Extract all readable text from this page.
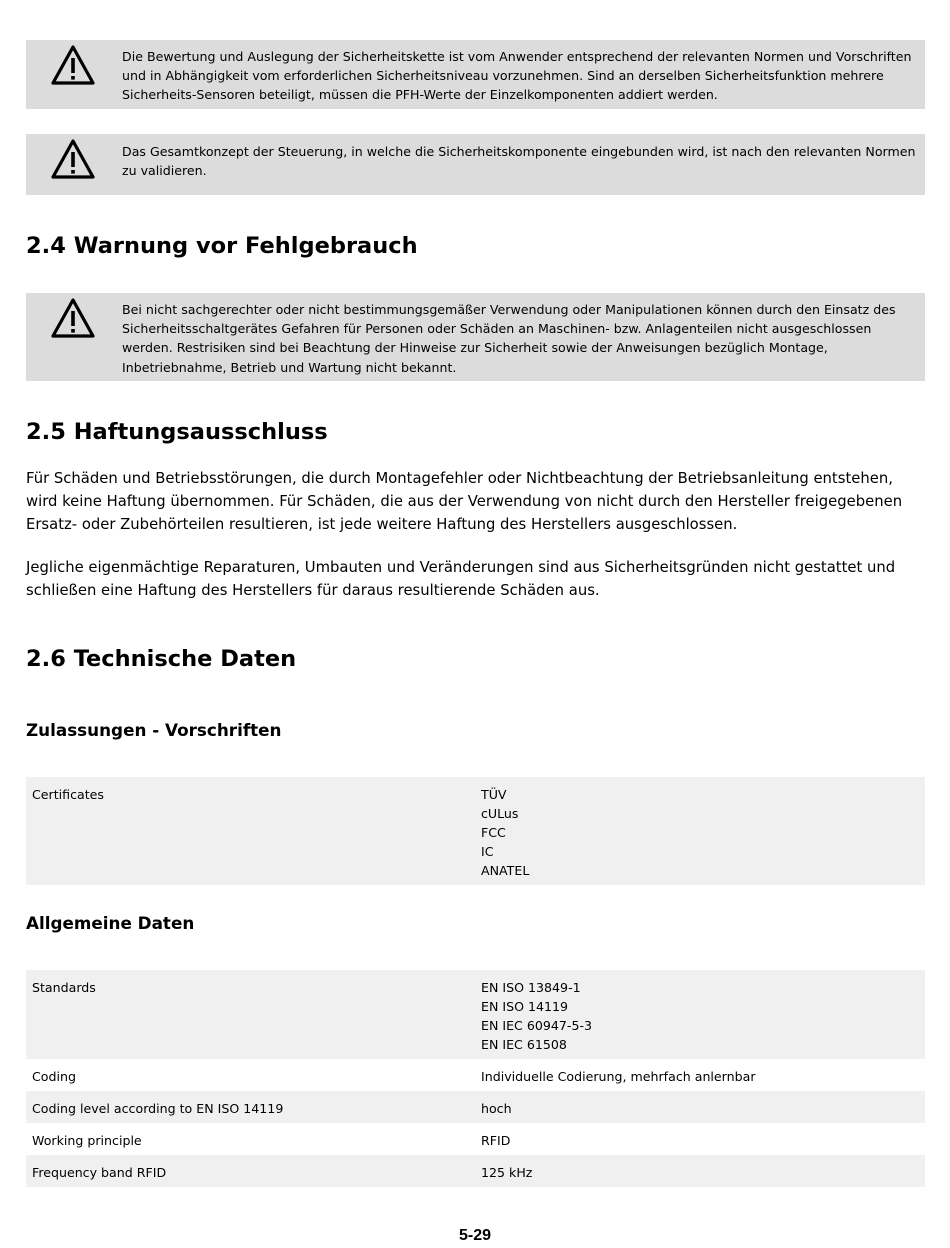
Die Bewertung und Auslegung der Sicherheitskette ist vom Anwender entsprechend der relevanten Normen und Vorschriften und in Abhängigkeit vom erforderlichen Sicherheitsniveau vorzunehmen. Sind an derselben Sicherheitsfunktion mehrere Sicherheits-Sensoren beteiligt, müssen die PFH-Werte der Einzelkomponenten addiert werden.
Das Gesamtkonzept der Steuerung, in welche die Sicherheitskomponente eingebunden wird, ist nach den relevanten Normen zu validieren.
2.4 Warnung vor Fehlgebrauch
Bei nicht sachgerechter oder nicht bestimmungsgemäßer Verwendung oder Manipulationen können durch den Einsatz des Sicherheitsschaltgerätes Gefahren für Personen oder Schäden an Maschinen- bzw. Anlagenteilen nicht ausgeschlossen werden. Restrisiken sind bei Beachtung der Hinweise zur Sicherheit sowie der Anweisungen bezüglich Montage, Inbetriebnahme, Betrieb und Wartung nicht bekannt.
2.5 Haftungsausschluss

Für Schäden und Betriebsstörungen, die durch Montagefehler oder Nichtbeachtung der Betriebsanleitung entstehen, wird keine Haftung übernommen. Für Schäden, die aus der Verwendung von nicht durch den Hersteller freigegebenen Ersatz- oder Zubehörteilen resultieren, ist jede weitere Haftung des Herstellers ausgeschlossen.

Jegliche eigenmächtige Reparaturen, Umbauten und Veränderungen sind aus Sicherheitsgründen nicht gestattet und schließen eine Haftung des Herstellers für daraus resultierende Schäden aus.

2.6 Technische Daten
Zulassungen - Vorschriften
Certificates	TÜV
cULus
FCC
IC
ANATEL
Allgemeine Daten
Standards	EN ISO 13849-1
EN ISO 14119
EN IEC 60947-5-3
EN IEC 61508

Coding	Individuelle Codierung, mehrfach anlernbar
Coding level according to EN ISO 14119	hoch
Working principle	RFID
Frequency band RFID	125 kHz
5-29
